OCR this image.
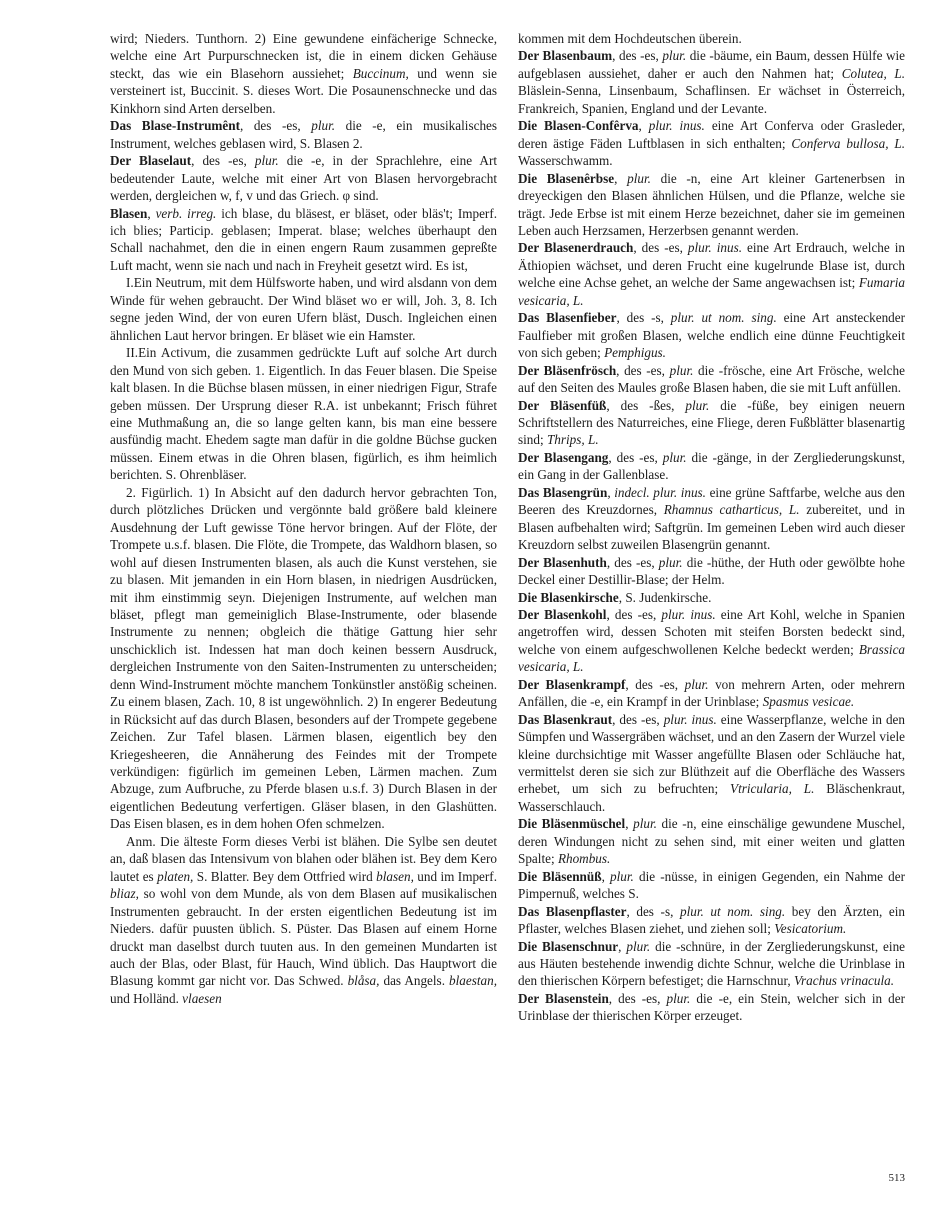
wird; Nieders. Tunthorn. 2) Eine gewundene einfächerige Schnecke, welche eine Art Purpurschnecken ist, die in einem dicken Gehäuse steckt, das wie ein Blasehorn aussiehet; Buccinum, und wenn sie versteinert ist, Buccinit. S. dieses Wort. Die Posaunenschnecke und das Kinkhorn sind Arten derselben.

Das Blase-Instrumênt, des -es, plur. die -e, ein musikalisches Instrument, welches geblasen wird, S. Blasen 2.

Der Blaselaut, des -es, plur. die -e, in der Sprachlehre, eine Art bedeutender Laute, welche mit einer Art von Blasen hervorgebracht werden, dergleichen w, f, v und das Griech. φ sind.

Blasen, verb. irreg. ich blase, du bläsest, er bläset, oder bläs't; Imperf. ich blies; Particip. geblasen; Imperat. blase; welches überhaupt den Schall nachahmet, den die in einen engern Raum zusammen gepreßte Luft macht, wenn sie nach und nach in Freyheit gesetzt wird. Es ist,

I.Ein Neutrum, mit dem Hülfsworte haben, und wird alsdann von dem Winde für wehen gebraucht. Der Wind bläset wo er will, Joh. 3, 8. Ich segne jeden Wind, der von euren Ufern bläst, Dusch. Ingleichen einen ähnlichen Laut hervor bringen. Er bläset wie ein Hamster.

II.Ein Activum, die zusammen gedrückte Luft auf solche Art durch den Mund von sich geben. 1. Eigentlich. In das Feuer blasen. Die Speise kalt blasen. In die Büchse blasen müssen, in einer niedrigen Figur, Strafe geben müssen. Der Ursprung dieser R.A. ist unbekannt; Frisch führet eine Muthmaßung an, die so lange gelten kann, bis man eine bessere ausfündig macht. Ehedem sagte man dafür in die goldne Büchse gucken müssen. Einem etwas in die Ohren blasen, figürlich, es ihm heimlich berichten. S. Ohrenbläser.

2. Figürlich. 1) In Absicht auf den dadurch hervor gebrachten Ton, durch plötzliches Drücken und vergönnte bald größere bald kleinere Ausdehnung der Luft gewisse Töne hervor bringen. Auf der Flöte, der Trompete u.s.f. blasen. Die Flöte, die Trompete, das Waldhorn blasen, so wohl auf diesen Instrumenten blasen, als auch die Kunst verstehen, sie zu blasen. Mit jemanden in ein Horn blasen, in niedrigen Ausdrücken, mit ihm einstimmig seyn. Diejenigen Instrumente, auf welchen man bläset, pflegt man gemeiniglich Blase-Instrumente, oder blasende Instrumente zu nennen; obgleich die thätige Gattung hier sehr unschicklich ist. Indessen hat man doch keinen bessern Ausdruck, dergleichen Instrumente von den Saiten-Instrumenten zu unterscheiden; denn Wind-Instrument möchte manchem Tonkünstler anstößig scheinen. Zu einem blasen, Zach. 10, 8 ist ungewöhnlich. 2) In engerer Bedeutung in Rücksicht auf das durch Blasen, besonders auf der Trompete gegebene Zeichen. Zur Tafel blasen. Lärmen blasen, eigentlich bey den Kriegesheeren, die Annäherung des Feindes mit der Trompete verkündigen: figürlich im gemeinen Leben, Lärmen machen. Zum Abzuge, zum Aufbruche, zu Pferde blasen u.s.f. 3) Durch Blasen in der eigentlichen Bedeutung verfertigen. Gläser blasen, in den Glashütten. Das Eisen blasen, es in dem hohen Ofen schmelzen.

Anm. Die älteste Form dieses Verbi ist blähen. Die Sylbe sen deutet an, daß blasen das Intensivum von blahen oder blähen ist. Bey dem Kero lautet es platen, S. Blatter. Bey dem Ottfried wird blasen, und im Imperf. bliaz, so wohl von dem Munde, als von dem Blasen auf musikalischen Instrumenten gebraucht. In der ersten eigentlichen Bedeutung ist im Nieders. dafür puusten üblich. S. Püster. Das Blasen auf einem Horne druckt man daselbst durch tuuten aus. In den gemeinen Mundarten ist auch der Blas, oder Blast, für Hauch, Wind üblich. Das Hauptwort die Blasung kommt gar nicht vor. Das Schwed. blåsa, das Angels. blaestan, und Holländ. vlaesen

kommen mit dem Hochdeutschen überein.

Der Blasenbaum, des -es, plur. die -bäume, ein Baum, dessen Hülfe wie aufgeblasen aussiehet, daher er auch den Nahmen hat; Colutea, L. Bläslein-Senna, Linsenbaum, Schaflinsen. Er wächset in Österreich, Frankreich, Spanien, England und der Levante.

Die Blasen-Confêrva, plur. inus. eine Art Conferva oder Grasleder, deren ästige Fäden Luftblasen in sich enthalten; Conferva bullosa, L. Wasserschwamm.

Die Blasenêrbse, plur. die -n, eine Art kleiner Gartenerbsen in dreyeckigen den Blasen ähnlichen Hülsen, und die Pflanze, welche sie trägt. Jede Erbse ist mit einem Herze bezeichnet, daher sie im gemeinen Leben auch Herzsamen, Herzerbsen genannt werden.

Der Blasenerdrauch, des -es, plur. inus. eine Art Erdrauch, welche in Äthiopien wächset, und deren Frucht eine kugelrunde Blase ist, durch welche eine Achse gehet, an welche der Same angewachsen ist; Fumaria vesicaria, L.

Das Blasenfieber, des -s, plur. ut nom. sing. eine Art ansteckender Faulfieber mit großen Blasen, welche endlich eine dünne Feuchtigkeit von sich geben; Pemphigus.

Der Bläsenfrösch, des -es, plur. die -frösche, eine Art Frösche, welche auf den Seiten des Maules große Blasen haben, die sie mit Luft anfüllen.

Der Bläsenfüß, des -ßes, plur. die -füße, bey einigen neuern Schriftstellern des Naturreiches, eine Fliege, deren Fußblätter blasenartig sind; Thrips, L.

Der Blasengang, des -es, plur. die -gänge, in der Zergliederungskunst, ein Gang in der Gallenblase.

Das Blasengrün, indecl. plur. inus. eine grüne Saftfarbe, welche aus den Beeren des Kreuzdornes, Rhamnus catharticus, L. zubereitet, und in Blasen aufbehalten wird; Saftgrün. Im gemeinen Leben wird auch dieser Kreuzdorn selbst zuweilen Blasengrün genannt.

Der Blasenhuth, des -es, plur. die -hüthe, der Huth oder gewölbte hohe Deckel einer Destillir-Blase; der Helm.

Die Blasenkirsche, S. Judenkirsche.

Der Blasenkohl, des -es, plur. inus. eine Art Kohl, welche in Spanien angetroffen wird, dessen Schoten mit steifen Borsten bedeckt sind, welche von einem aufgeschwollenen Kelche bedeckt werden; Brassica vesicaria, L.

Der Blasenkrampf, des -es, plur. von mehrern Arten, oder mehrern Anfällen, die -e, ein Krampf in der Urinblase; Spasmus vesicae.

Das Blasenkraut, des -es, plur. inus. eine Wasserpflanze, welche in den Sümpfen und Wassergräben wächset, und an den Zasern der Wurzel viele kleine durchsichtige mit Wasser angefüllte Blasen oder Schläuche hat, vermittelst deren sie sich zur Blüthzeit auf die Oberfläche des Wassers erhebet, um sich zu befruchten; Vtricularia, L. Bläschenkraut, Wasserschlauch.

Die Bläsenmüschel, plur. die -n, eine einschälige gewundene Muschel, deren Windungen nicht zu sehen sind, mit einer weiten und glatten Spalte; Rhombus.

Die Bläsennüß, plur. die -nüsse, in einigen Gegenden, ein Nahme der Pimpernuß, welches S.

Das Blasenpflaster, des -s, plur. ut nom. sing. bey den Ärzten, ein Pflaster, welches Blasen ziehet, und ziehen soll; Vesicatorium.

Die Blasenschnur, plur. die -schnüre, in der Zergliederungskunst, eine aus Häuten bestehende inwendig dichte Schnur, welche die Urinblase in den thierischen Körpern befestiget; die Harnschnur, Vrachus vrinacula.

Der Blasenstein, des -es, plur. die -e, ein Stein, welcher sich in der Urinblase der thierischen Körper erzeuget.

513
